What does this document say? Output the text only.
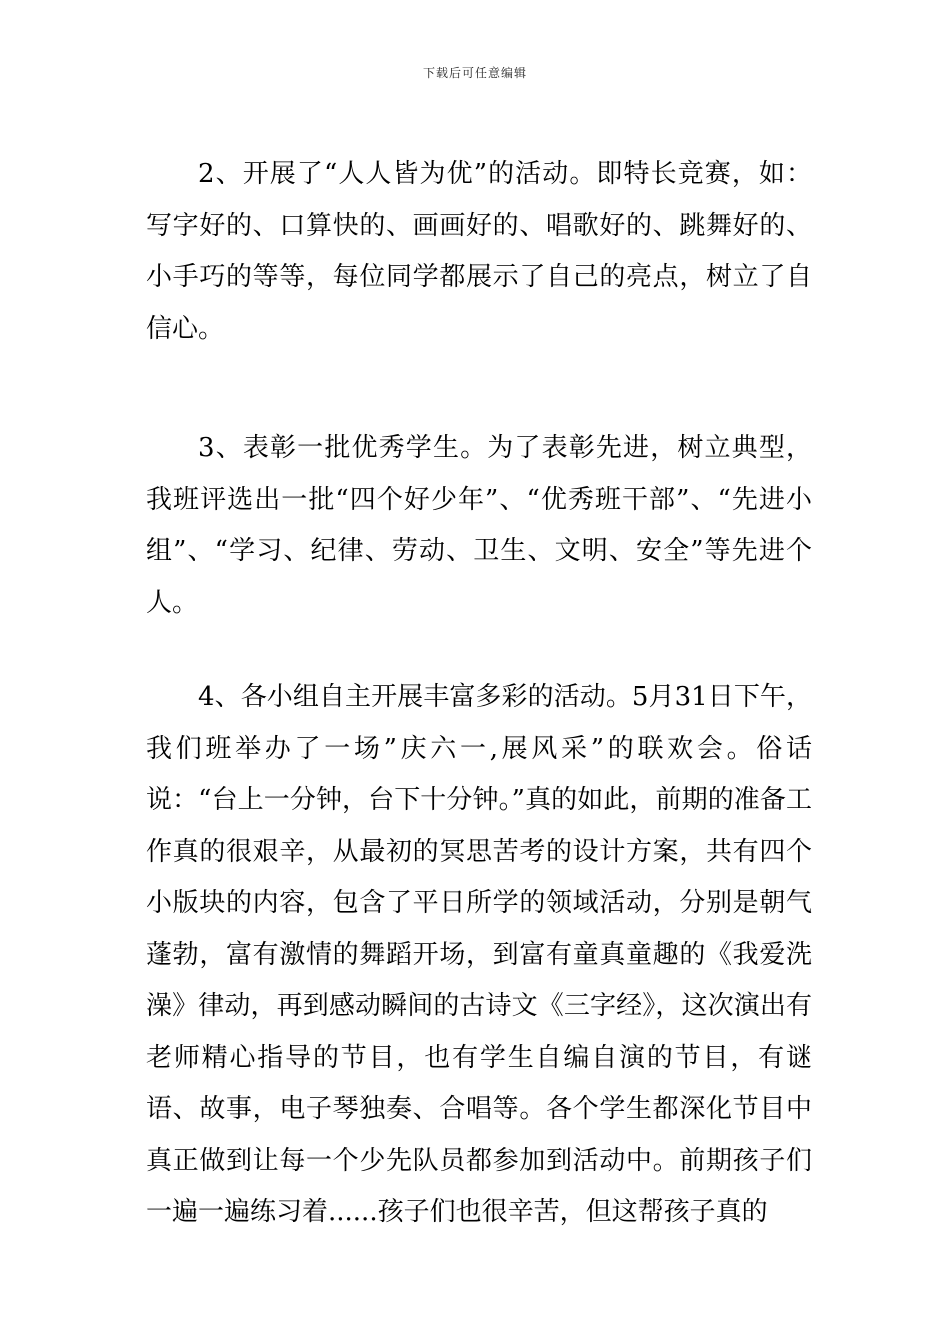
下载后可任意编辑

2、开展了“人人皆为优”的活动。即特长竞赛，如：写字好的、口算快的、画画好的、唱歌好的、跳舞好的、小手巧的等等，每位同学都展示了自己的亮点，树立了自信心。

3、表彰一批优秀学生。为了表彰先进，树立典型，我班评选出一批“四个好少年”、“优秀班干部”、“先进小组”、“学习、纪律、劳动、卫生、文明、安全”等先进个人。

4、各小组自主开展丰富多彩的活动。5月31日下午，我们班举办了一场”庆六一,展风采”的联欢会。俗话说：“台上一分钟，台下十分钟。”真的如此，前期的准备工作真的很艰辛，从最初的冥思苦考的设计方案，共有四个小版块的内容，包含了平日所学的领域活动，分别是朝气蓬勃，富有激情的舞蹈开场，到富有童真童趣的《我爱洗澡》律动，再到感动瞬间的古诗文《三字经》，这次演出有老师精心指导的节目，也有学生自编自演的节目，有谜语、故事，电子琴独奏、合唱等。各个学生都深化节目中真正做到让每一个少先队员都参加到活动中。前期孩子们一遍一遍练习着......孩子们也很辛苦，但这帮孩子真的
